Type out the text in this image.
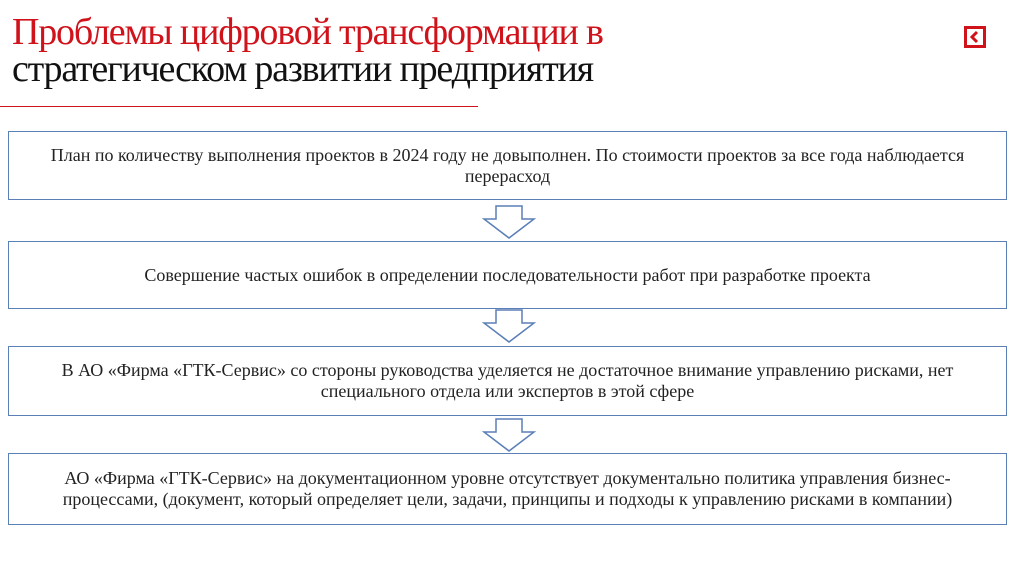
Проблемы цифровой трансформации в
стратегическом развитии предприятия
План по количеству выполнения проектов в 2024 году не довыполнен. По стоимости проектов за все года наблюдается перерасход
Совершение частых ошибок в определении последовательности работ при разработке проекта
В АО «Фирма «ГТК-Сервис» со стороны руководства уделяется не достаточное внимание управлению рисками, нет специального отдела или экспертов в этой сфере
АО «Фирма «ГТК-Сервис» на документационном уровне отсутствует документально политика управления бизнес-процессами, (документ, который определяет цели, задачи, принципы и подходы к управлению рисками в компании)
